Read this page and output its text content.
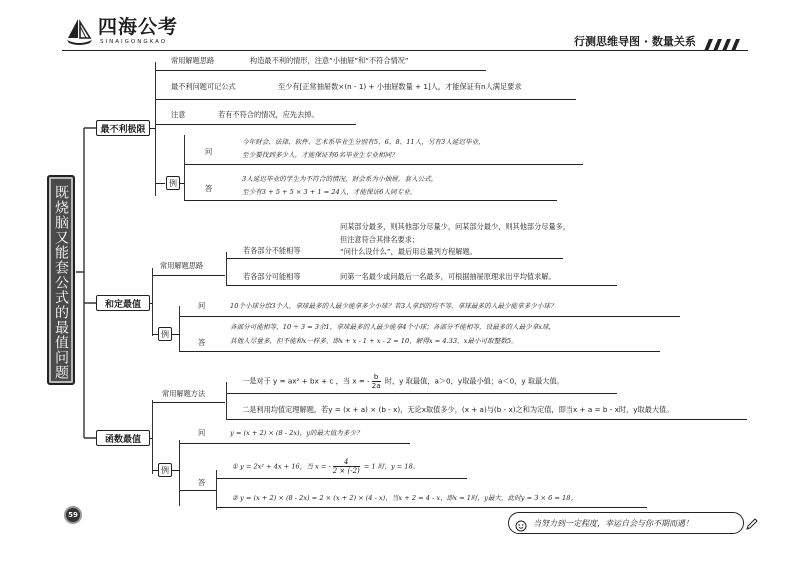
四海公考
SINAIGONGKAO	行测思维导图 · 数量关系
既烧脑又能套公式的最值问题
最不利极限
常用解题思路	构造最不利的情形，注意“小抽屉”和“不符合情况”
最不利问题可记公式	至少有[正常抽屉数×(n - 1) + 小抽屉数量 + 1]人，才能保证有n人满足要求
注意	若有不符合的情况，应先去掉。
例
问
今年财会、法律、软件、艺术系毕业生分别有5、6、8、11人，另有3人延迟毕业，
至少要找到多少人，才能保证有6名毕业生专业相同？
答
3人延迟毕业的学生为不符合的情况，财会系为小抽屉，套入公式，
至少有3 + 5 + 5 × 3 + 1 = 24人，才能保证6人同专业。
和定最值
常用解题思路
若各部分不能相等
问某部分最多，则其他部分尽量少，问某部分最少，则其他部分尽量多，
但注意符合其排名要求；
“问什么设什么”，最后用总量列方程解题。
若各部分可能相等	问第一名最少或问最后一名最多，可根据抽屉原理求出平均值求解。
例
问	10个小球分给3个人，拿球最多的人最少能拿多少小球？若3人拿到的均不等，拿球最多的人最少能拿多少小球？
答
各部分可能相等，10 ÷ 3 = 3余1，拿球最多的人最少能拿4个小球；各部分不能相等，设最多的人最少拿x球，
其他人尽量多，但不能和x一样多，即x + x - 1 + x - 2 = 10，解得x = 4.33，x最小可取整数5。
函数最值
常用解题方法
一是对于 y = ax² + bx + c ，当 x = - $\frac{b}{2a}$ 时，y 取最值，a＞0，y取最小值；a＜0，y 取最大值。
二是利用均值定理解题，若y = (x + a) × (b - x)，无论x取值多少，(x + a)与(b - x)之和为定值，即当x + a = b - x时，y取最大值。
例
问	y = (x + 2) × (8 - 2x)，y的最大值为多少？
答
① y = 2x² + 4x + 16，当 x = - $\frac{4}{2 \times (-2)} = 1$ 时，y = 18。
② y = (x + 2) × (8 - 2x) = 2 × (x + 2) × (4 - x)，当x + 2 = 4 - x，即x = 1时，y最大，此时y = 3 × 6 = 18。
59
当努力到一定程度，幸运自会与你不期而遇！
